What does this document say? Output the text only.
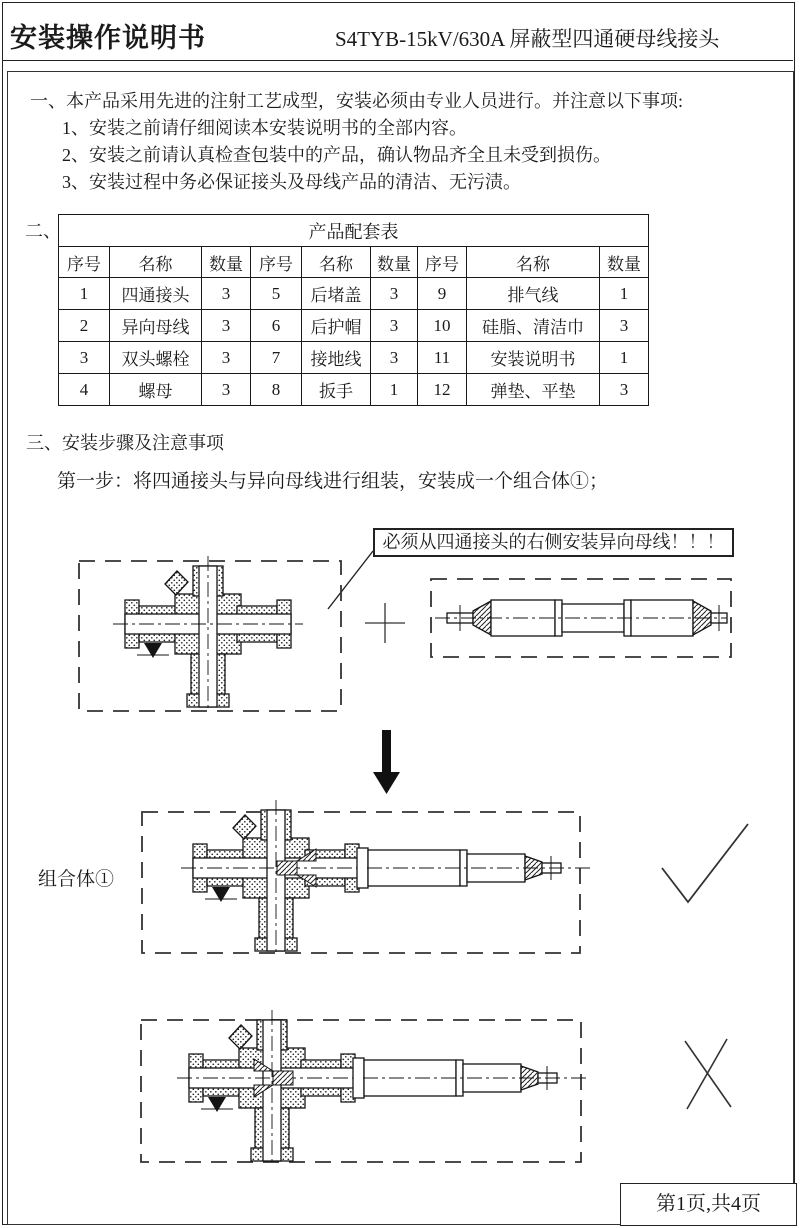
安装操作说明书	S4TYB-15kV/630A 屏蔽型四通硬母线接头
一、本产品采用先进的注射工艺成型，安装必须由专业人员进行。并注意以下事项:
1、安装之前请仔细阅读本安装说明书的全部内容。
2、安装之前请认真检查包装中的产品，确认物品齐全且未受到损伤。
3、安装过程中务必保证接头及母线产品的清洁、无污渍。
二、	产品配套表								
序号	名称	数量	序号	名称	数量	序号	名称	数量
1	四通接头	3	5	后堵盖	3	9	排气线	1
2	异向母线	3	6	后护帽	3	10	硅脂、清洁巾	3
3	双头螺栓	3	7	接地线	3	11	安装说明书	1
4	螺母	3	8	扳手	1	12	弹垫、平垫	3
三、安装步骤及注意事项
第一步：将四通接头与异向母线进行组装，安装成一个组合体①；
必须从四通接头的右侧安装异向母线！！！
组合体①
第1页,共4页
